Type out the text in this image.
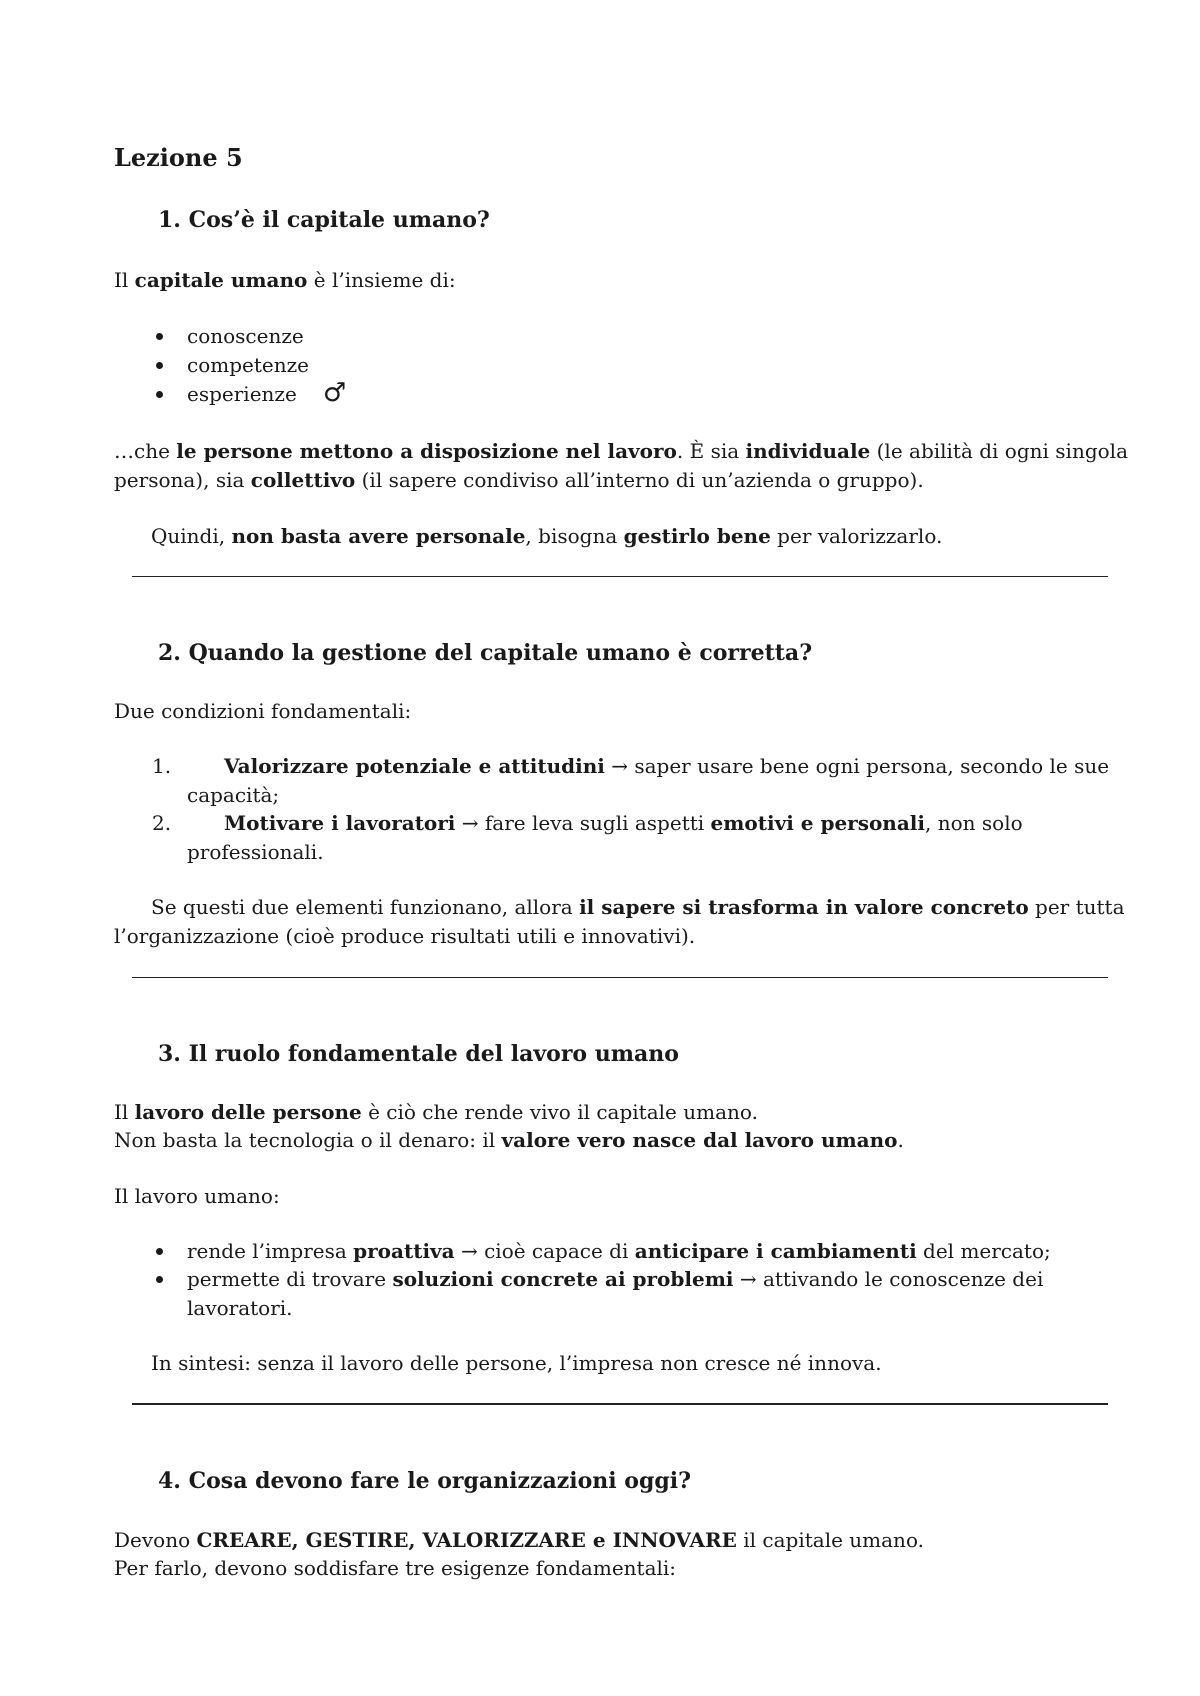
Lezione 5
1. Cos’è il capitale umano?

Il capitale umano è l’insieme di:

conoscenze

competenze

esperienze ♂

…che le persone mettono a disposizione nel lavoro. È sia individuale (le abilità di ogni singola

persona), sia collettivo (il sapere condiviso all’interno di un’azienda o gruppo).

Quindi, non basta avere personale, bisogna gestirlo bene per valorizzarlo.

2. Quando la gestione del capitale umano è corretta?

Due condizioni fondamentali:

1.	Valorizzare potenziale e attitudini → saper usare bene ogni persona, secondo le sue

capacità;

2.	Motivare i lavoratori → fare leva sugli aspetti emotivi e personali, non solo

professionali.

Se questi due elementi funzionano, allora il sapere si trasforma in valore concreto per tutta

l’organizzazione (cioè produce risultati utili e innovativi).

3. Il ruolo fondamentale del lavoro umano

Il lavoro delle persone è ciò che rende vivo il capitale umano.

Non basta la tecnologia o il denaro: il valore vero nasce dal lavoro umano.

Il lavoro umano:

rende l’impresa proattiva → cioè capace di anticipare i cambiamenti del mercato;

permette di trovare soluzioni concrete ai problemi → attivando le conoscenze dei

lavoratori.

In sintesi: senza il lavoro delle persone, l’impresa non cresce né innova.

4. Cosa devono fare le organizzazioni oggi?

Devono CREARE, GESTIRE, VALORIZZARE e INNOVARE il capitale umano.

Per farlo, devono soddisfare tre esigenze fondamentali:
